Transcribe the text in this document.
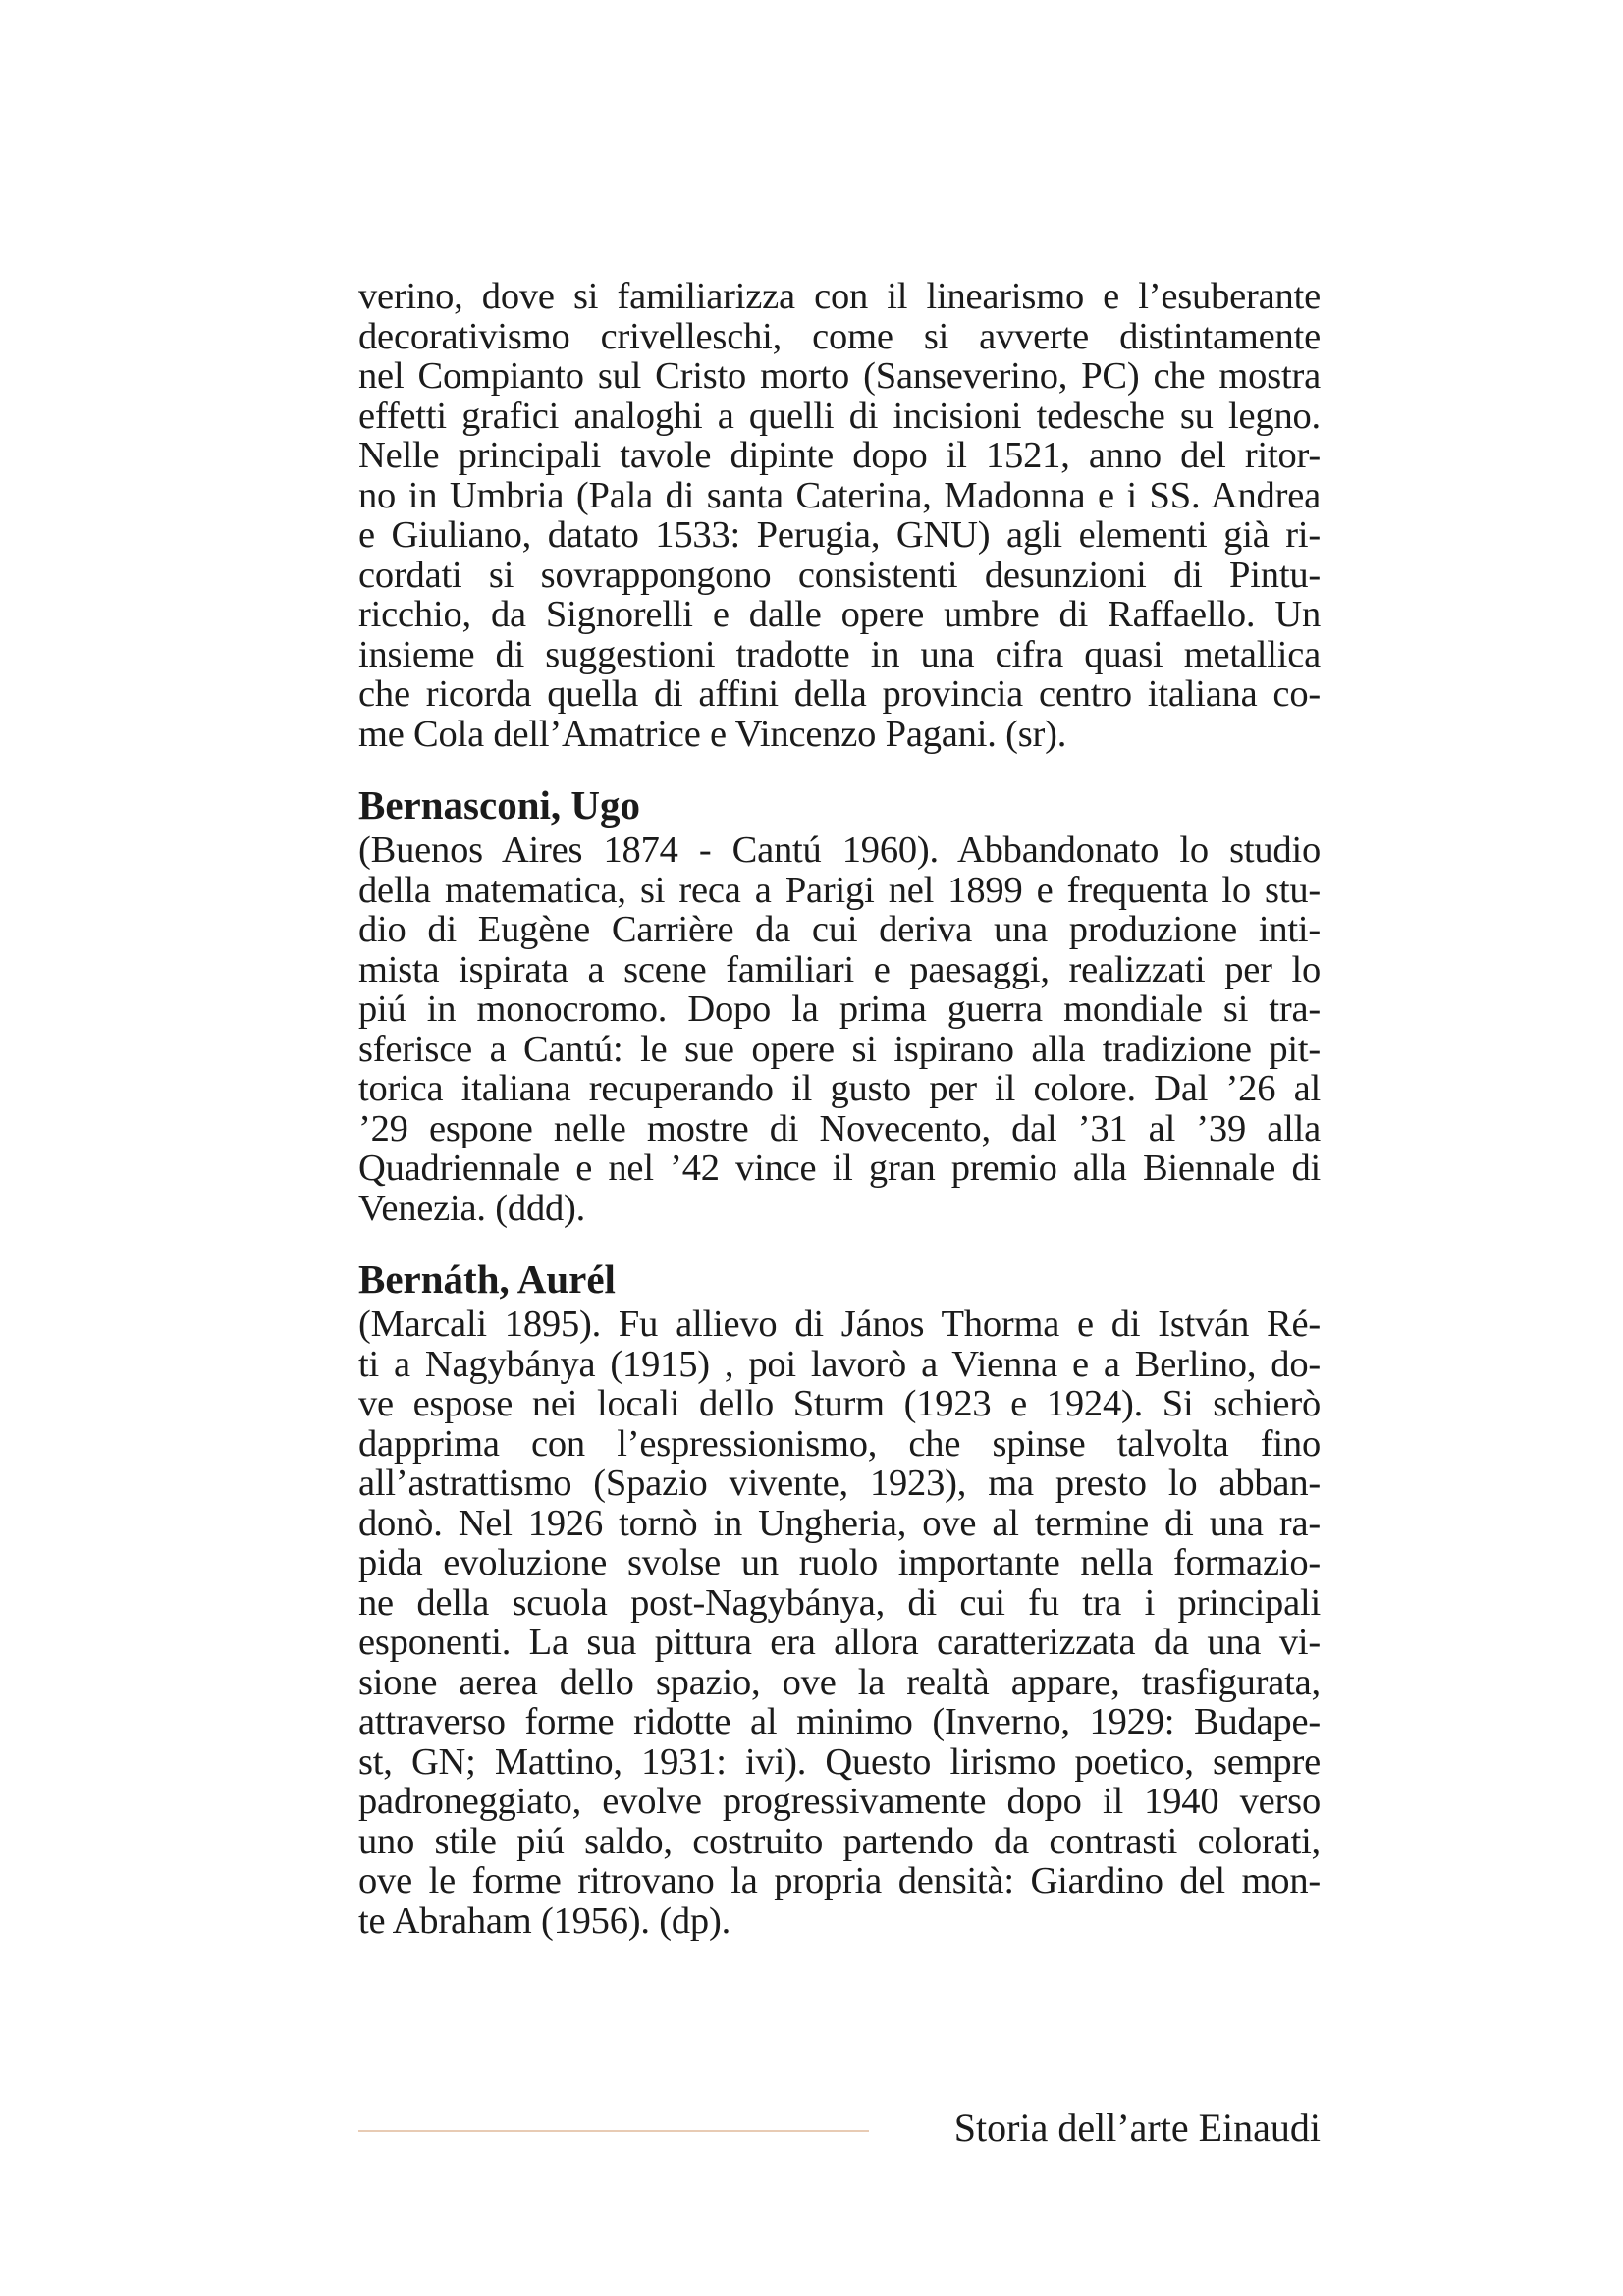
verino, dove si familiarizza con il linearismo e l’esuberante
decorativismo crivelleschi, come si avverte distintamente
nel Compianto sul Cristo morto (Sanseverino, PC) che mostra
effetti grafici analoghi a quelli di incisioni tedesche su legno.
Nelle principali tavole dipinte dopo il 1521, anno del ritor-
no in Umbria (Pala di santa Caterina, Madonna e i SS. Andrea
e Giuliano, datato 1533: Perugia, GNU) agli elementi già ri-
cordati si sovrappongono consistenti desunzioni di Pintu-
ricchio, da Signorelli e dalle opere umbre di Raffaello. Un
insieme di suggestioni tradotte in una cifra quasi metallica
che ricorda quella di affini della provincia centro italiana co-
me Cola dell’Amatrice e Vincenzo Pagani. (sr).
Bernasconi, Ugo
(Buenos Aires 1874 - Cantú 1960). Abbandonato lo studio
della matematica, si reca a Parigi nel 1899 e frequenta lo stu-
dio di Eugène Carrière da cui deriva una produzione inti-
mista ispirata a scene familiari e paesaggi, realizzati per lo
piú in monocromo. Dopo la prima guerra mondiale si tra-
sferisce a Cantú: le sue opere si ispirano alla tradizione pit-
torica italiana recuperando il gusto per il colore. Dal ’26 al
’29 espone nelle mostre di Novecento, dal ’31 al ’39 alla
Quadriennale e nel ’42 vince il gran premio alla Biennale di
Venezia. (ddd).
Bernáth, Aurél
(Marcali 1895). Fu allievo di János Thorma e di István Ré-
ti a Nagybánya (1915) , poi lavorò a Vienna e a Berlino, do-
ve espose nei locali dello Sturm (1923 e 1924). Si schierò
dapprima con l’espressionismo, che spinse talvolta fino
all’astrattismo (Spazio vivente, 1923), ma presto lo abban-
donò. Nel 1926 tornò in Ungheria, ove al termine di una ra-
pida evoluzione svolse un ruolo importante nella formazio-
ne della scuola post-Nagybánya, di cui fu tra i principali
esponenti. La sua pittura era allora caratterizzata da una vi-
sione aerea dello spazio, ove la realtà appare, trasfigurata,
attraverso forme ridotte al minimo (Inverno, 1929: Budape-
st, GN; Mattino, 1931: ivi). Questo lirismo poetico, sempre
padroneggiato, evolve progressivamente dopo il 1940 verso
uno stile piú saldo, costruito partendo da contrasti colorati,
ove le forme ritrovano la propria densità: Giardino del mon-
te Abraham (1956). (dp).
Storia dell’arte Einaudi
